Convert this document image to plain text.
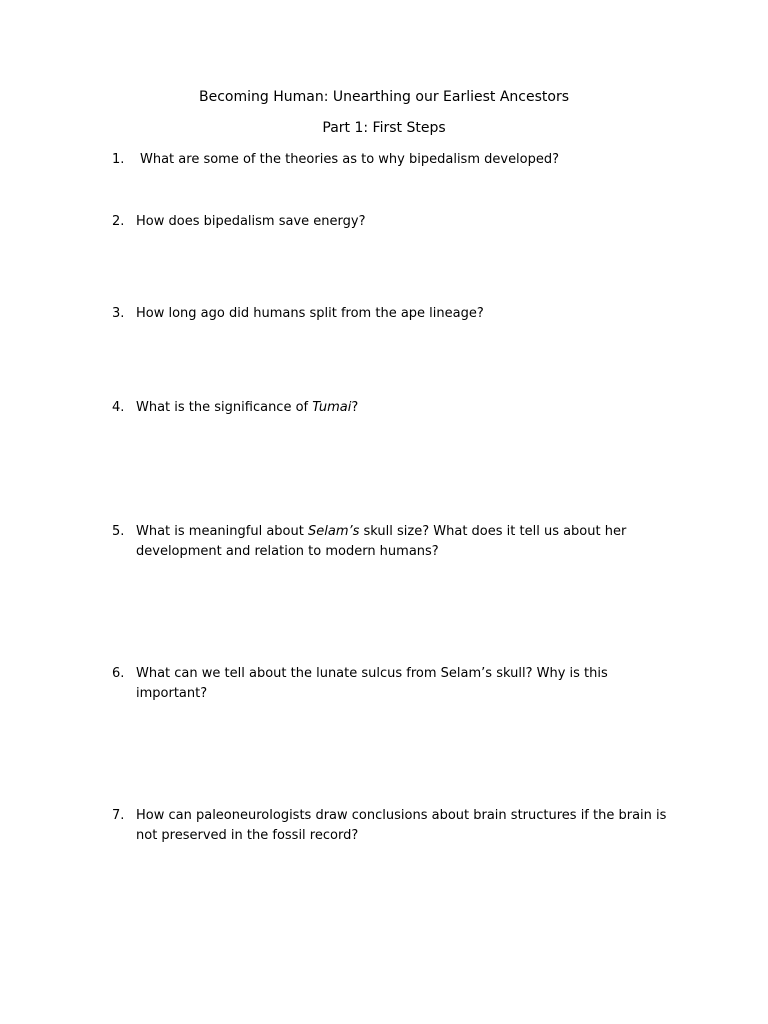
Becoming Human: Unearthing our Earliest Ancestors
Part 1: First Steps
1. What are some of the theories as to why bipedalism developed?
2. How does bipedalism save energy?
3. How long ago did humans split from the ape lineage?
4. What is the significance of Tumai?
5. What is meaningful about Selam’s skull size? What does it tell us about her development and relation to modern humans?
6. What can we tell about the lunate sulcus from Selam’s skull? Why is this important?
7. How can paleoneurologists draw conclusions about brain structures if the brain is not preserved in the fossil record?
